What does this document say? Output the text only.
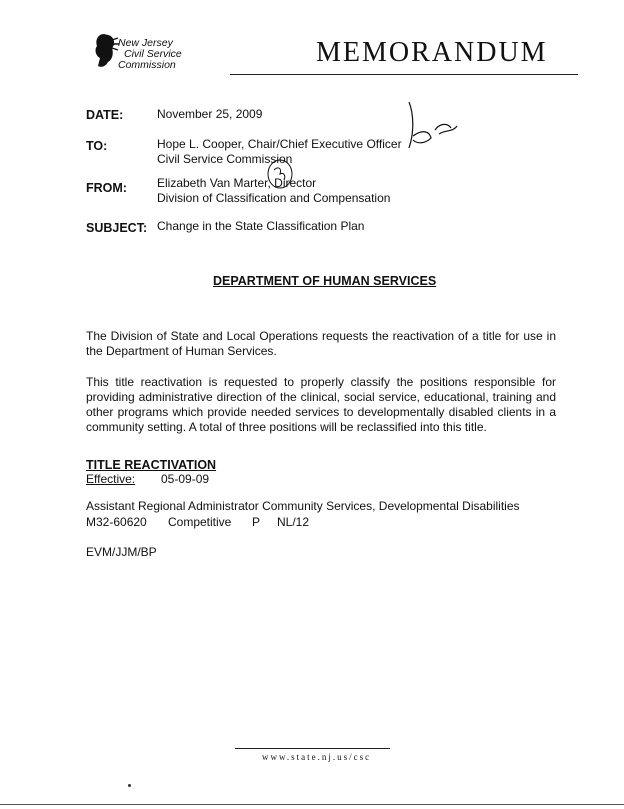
New Jersey
Civil Service
Commission	MEMORANDUM
DATE:	November 25, 2009
TO:	Hope L. Cooper, Chair/Chief Executive Officer
Civil Service Commission
FROM:	Elizabeth Van Marter, Director
Division of Classification and Compensation
SUBJECT: Change in the State Classification Plan
DEPARTMENT OF HUMAN SERVICES
The Division of State and Local Operations requests the reactivation of a title for use in the Department of Human Services.
This title reactivation is requested to properly classify the positions responsible for providing administrative direction of the clinical, social service, educational, training and other programs which provide needed services to developmentally disabled clients in a community setting. A total of three positions will be reclassified into this title.
TITLE REACTIVATION
Effective: 05-09-09
Assistant Regional Administrator Community Services, Developmental Disabilities
M32-60620 Competitive P NL/12
EVM/JJM/BP
www.state.nj.us/csc
